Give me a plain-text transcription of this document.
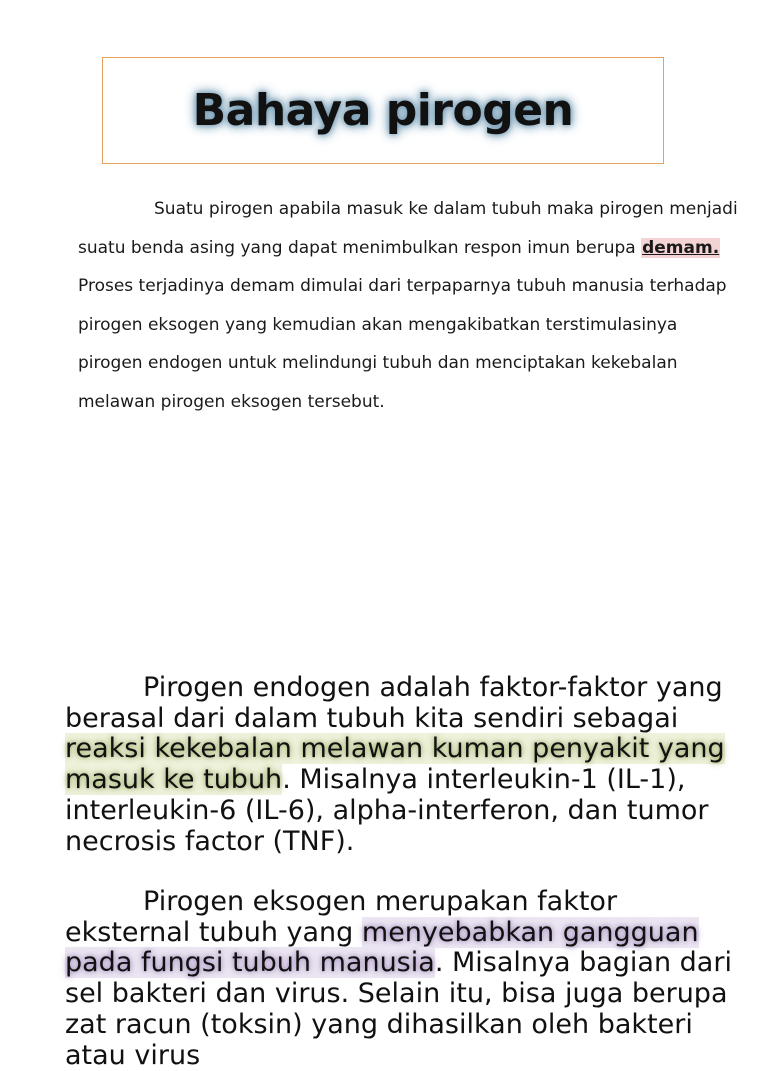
Bahaya pirogen

Suatu pirogen apabila masuk ke dalam tubuh maka pirogen menjadi suatu benda asing yang dapat menimbulkan respon imun berupa demam. Proses terjadinya demam dimulai dari terpaparnya tubuh manusia terhadap pirogen eksogen yang kemudian akan mengakibatkan terstimulasinya pirogen endogen untuk melindungi tubuh dan menciptakan kekebalan melawan pirogen eksogen tersebut.

Pirogen endogen adalah faktor-faktor yang berasal dari dalam tubuh kita sendiri sebagai reaksi kekebalan melawan kuman penyakit yang masuk ke tubuh. Misalnya interleukin-1 (IL-1), interleukin-6 (IL-6), alpha-interferon, dan tumor necrosis factor (TNF).

Pirogen eksogen merupakan faktor eksternal tubuh yang menyebabkan gangguan pada fungsi tubuh manusia. Misalnya bagian dari sel bakteri dan virus. Selain itu, bisa juga berupa zat racun (toksin) yang dihasilkan oleh bakteri atau virus
